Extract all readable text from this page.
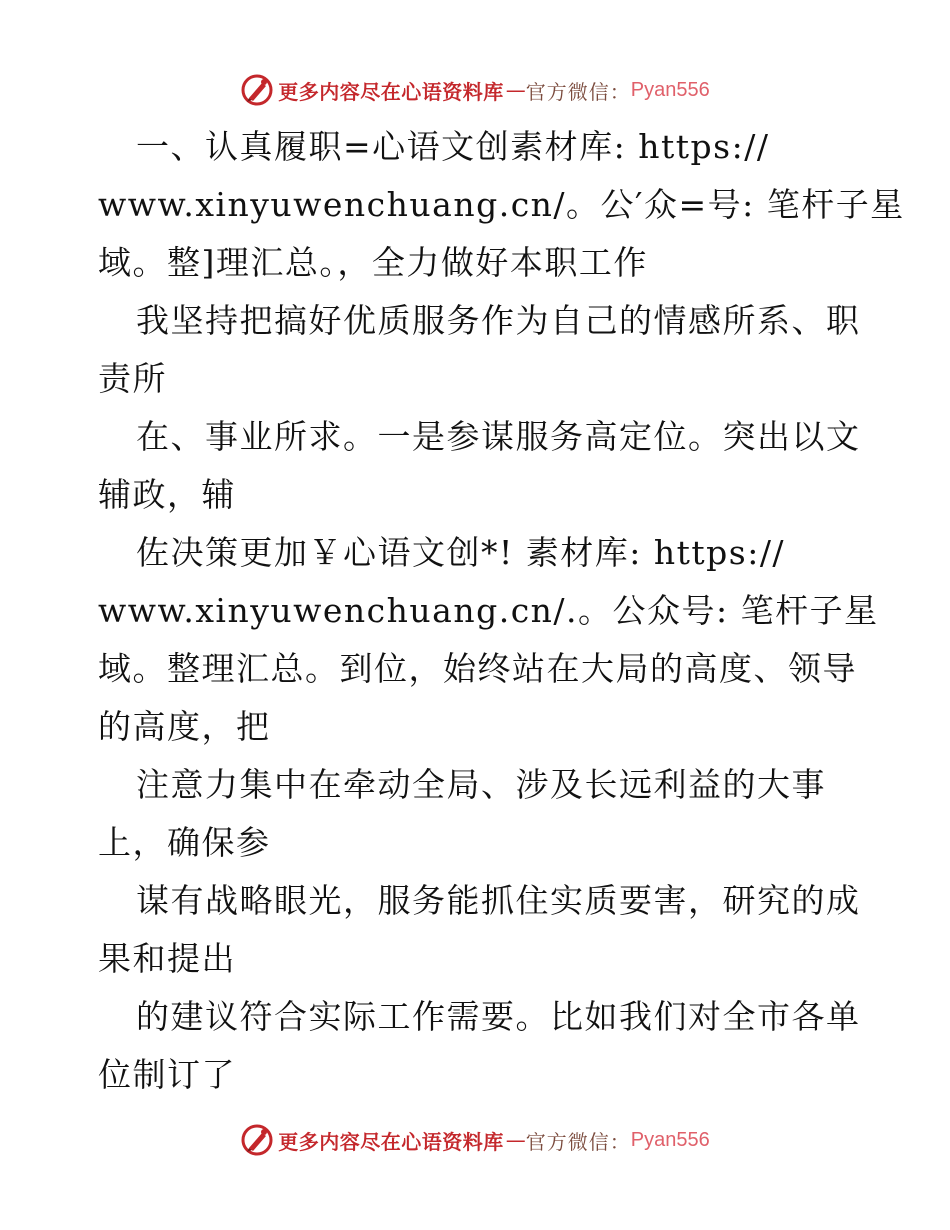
更多内容尽在心语资料库 — 官方微信： Pyan556
一、认真履职=心语文创素材库: https://
www.xinyuwenchuang.cn/。公′众=号: 笔杆子星
域。整]理汇总。，全力做好本职工作
我坚持把搞好优质服务作为自己的情感所系、职
责所
在、事业所求。一是参谋服务高定位。突出以文
辅政，辅
佐决策更加￥心语文创*! 素材库: https://
www.xinyuwenchuang.cn/.。公众号: 笔杆子星
域。整理汇总。到位，始终站在大局的高度、领导
的高度，把
注意力集中在牵动全局、涉及长远利益的大事
上，确保参
谋有战略眼光，服务能抓住实质要害，研究的成
果和提出
的建议符合实际工作需要。比如我们对全市各单
位制订了
更多内容尽在心语资料库 — 官方微信： Pyan556
